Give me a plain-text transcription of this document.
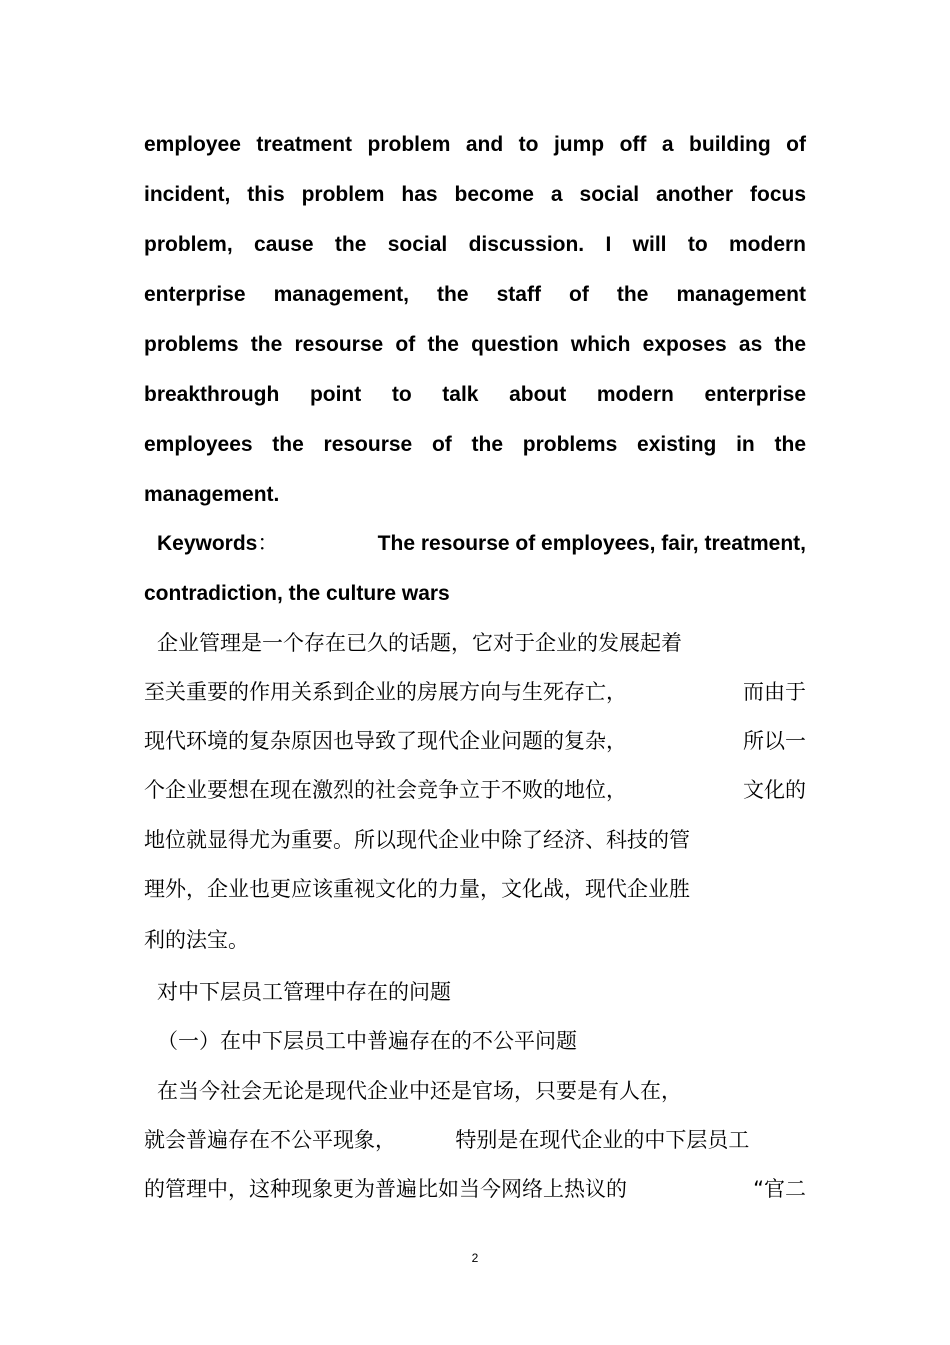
employee treatment problem and to jump off a building of
incident, this problem has become a social another focus
problem, cause the social discussion. I will to modern
enterprise management, the staff of the management
problems the resourse of the question which exposes as the
breakthrough point to talk about modern enterprise
employees the resourse of the problems existing in the
management.
Keywords：	The resourse of employees, fair, treatment,
contradiction, the culture wars
企业管理是一个存在已久的话题，它对于企业的发展起着
至关重要的作用关系到企业的房展方向与生死存亡，	而由于
现代环境的复杂原因也导致了现代企业问题的复杂，	所以一
个企业要想在现在激烈的社会竞争立于不败的地位，	文化的
地位就显得尤为重要。所以现代企业中除了经济、科技的管
理外，企业也更应该重视文化的力量，文化战，现代企业胜
利的法宝。
对中下层员工管理中存在的问题
（一）在中下层员工中普遍存在的不公平问题
在当今社会无论是现代企业中还是官场，只要是有人在，
就会普遍存在不公平现象，	特别是在现代企业的中下层员工
的管理中，这种现象更为普遍比如当今网络上热议的	“官二
2
